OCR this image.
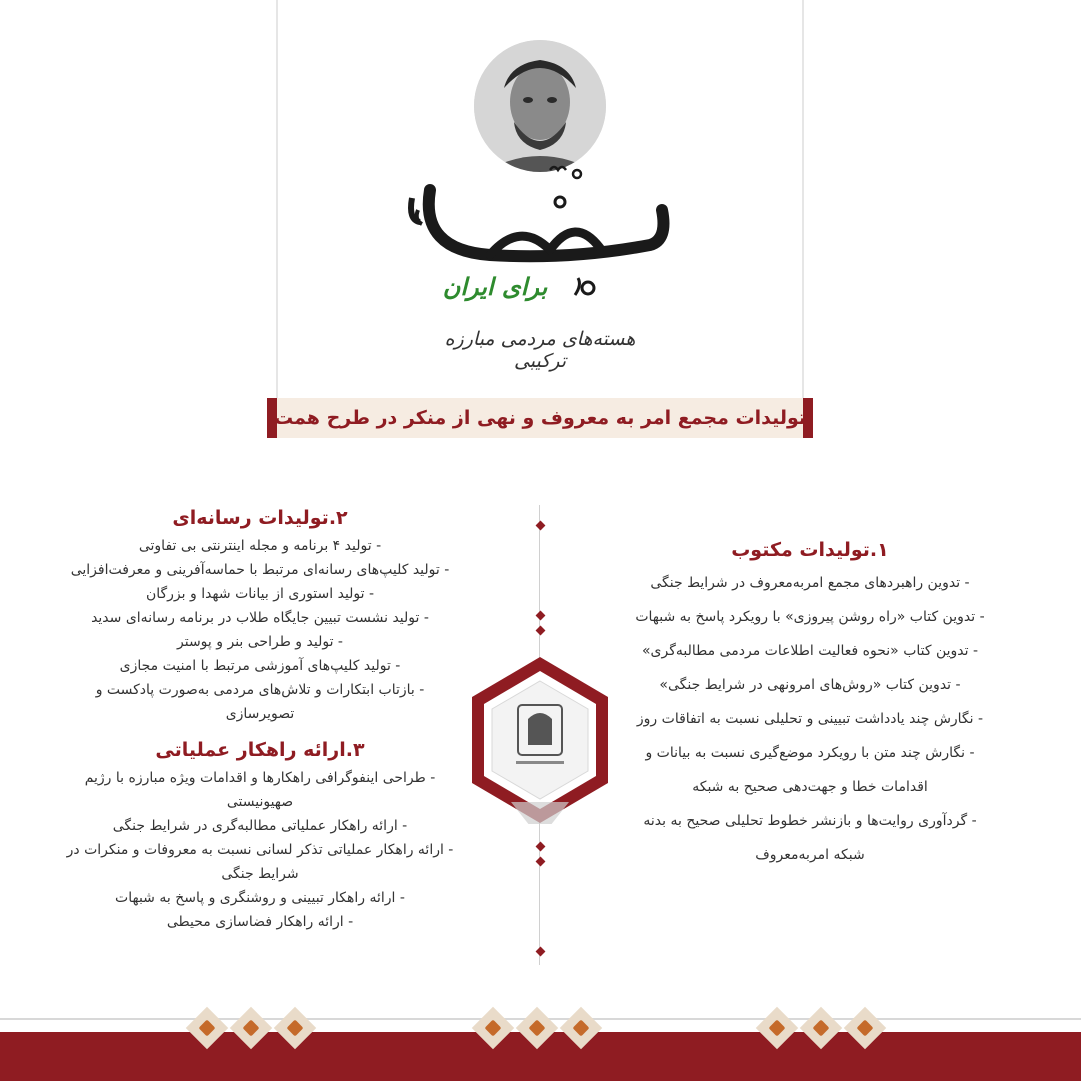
برای ایران
هسته‌های مردمی مبارزه ترکیبی
تولیدات مجمع امر به معروف و نهی از منکر در طرح همت

۱.تولیدات مکتوب

- تدوین راهبردهای مجمع امربه‌معروف در شرایط جنگی

- تدوین کتاب «راه روشن پیروزی» با رویکرد پاسخ به شبهات

- تدوین کتاب «نحوه فعالیت اطلاعات مردمی مطالبه‌گری»

- تدوین کتاب «روش‌های امرونهی در شرایط جنگی»

- نگارش چند یادداشت تبیینی و تحلیلی نسبت به اتفاقات روز

- نگارش چند متن با رویکرد موضع‌گیری نسبت به بیانات و

اقدامات خطا و جهت‌دهی صحیح به شبکه

- گردآوری روایت‌ها و بازنشر خطوط تحلیلی صحیح به بدنه

شبکه امربه‌معروف

۲.تولیدات رسانه‌ای

- تولید ۴ برنامه و مجله اینترنتی بی تفاوتی

- تولید کلیپ‌های رسانه‌ای مرتبط با حماسه‌آفرینی و معرفت‌افزایی

- تولید استوری از بیانات شهدا و بزرگان

- تولید نشست تبیین جایگاه طلاب در برنامه رسانه‌ای سدید

- تولید و طراحی بنر و پوستر

- تولید کلیپ‌های آموزشی مرتبط با امنیت مجازی

- بازتاب ابتکارات و تلاش‌های مردمی به‌صورت پادکست و

تصویرسازی

۳.ارائه راهکار عملیاتی

- طراحی اینفوگرافی راهکارها و اقدامات ویژه مبارزه با رژیم

صهیونیستی

- ارائه راهکار عملیاتی مطالبه‌گری در شرایط جنگی

- ارائه راهکار عملیاتی تذکر لسانی نسبت به معروفات و منکرات در

شرایط جنگی

- ارائه راهکار تبیینی و روشنگری و پاسخ به شبهات

- ارائه راهکار فضاسازی محیطی
